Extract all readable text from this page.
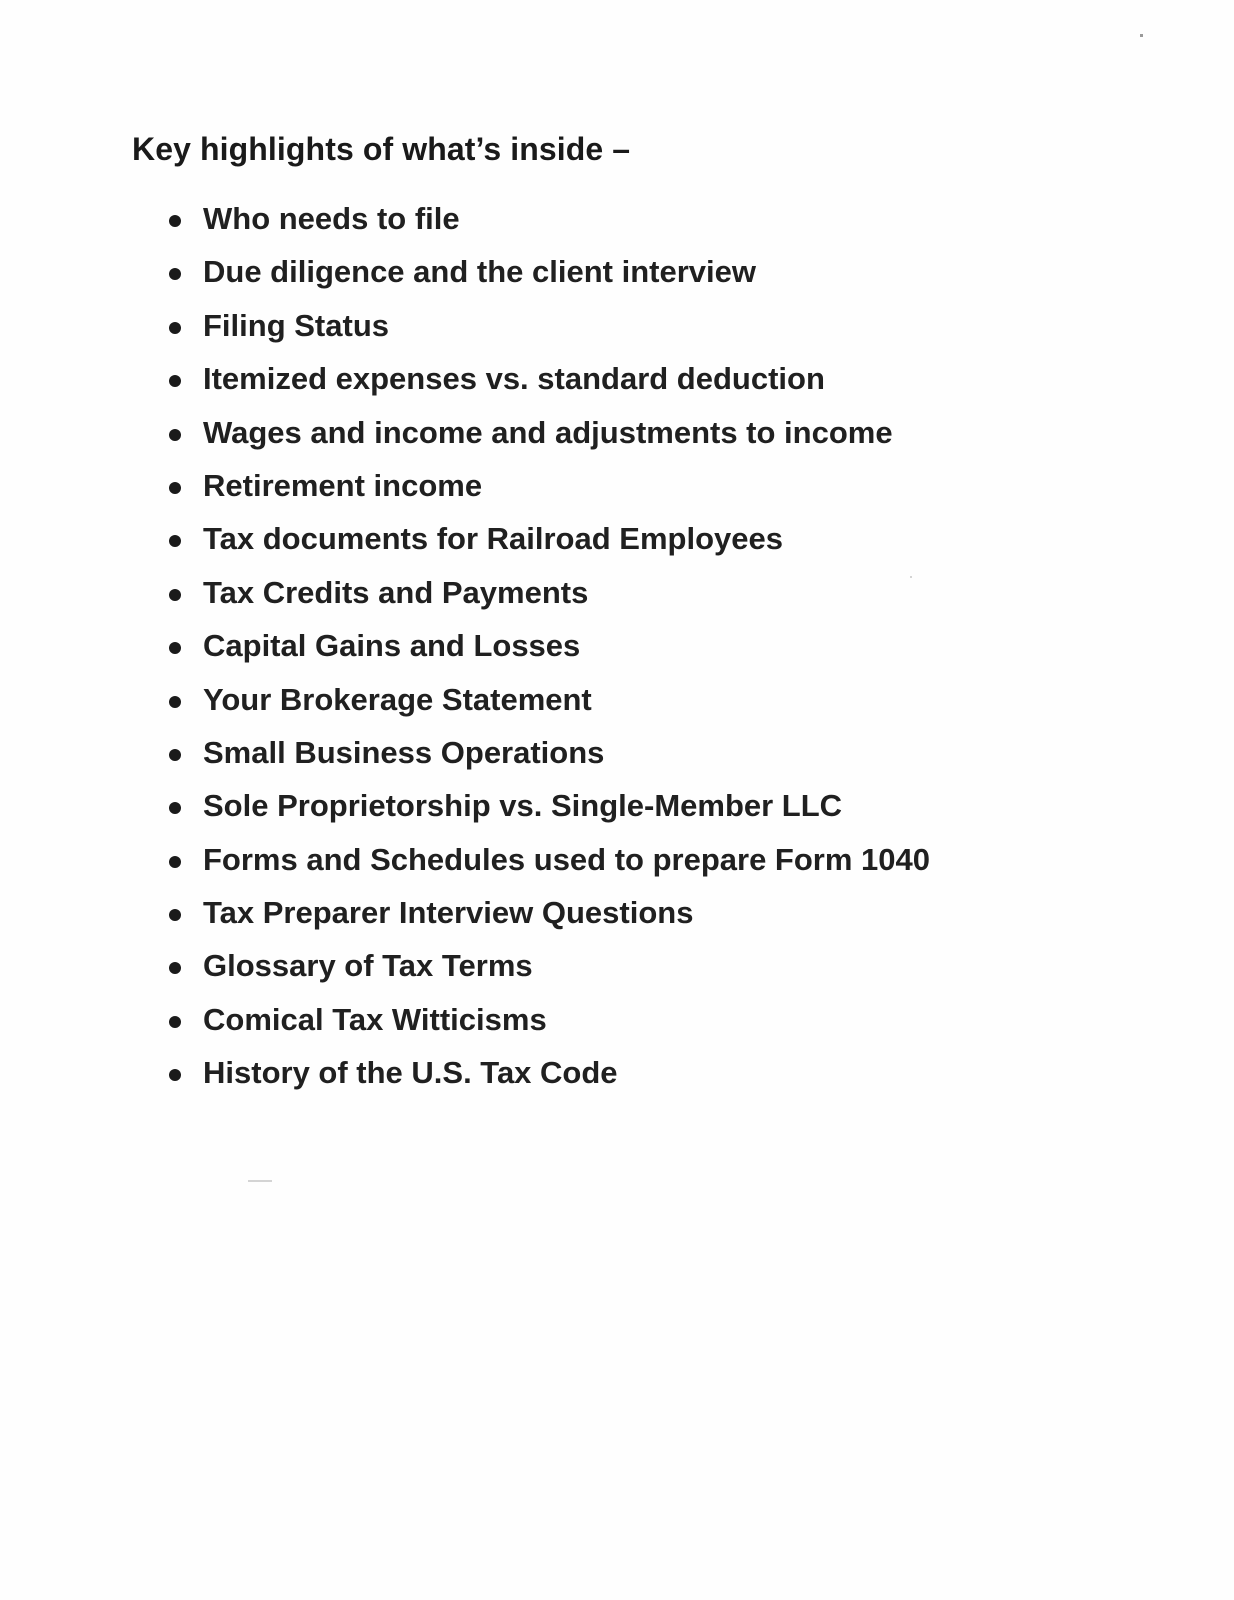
Key highlights of what’s inside –
Who needs to file
Due diligence and the client interview
Filing Status
Itemized expenses vs. standard deduction
Wages and income and adjustments to income
Retirement income
Tax documents for Railroad Employees
Tax Credits and Payments
Capital Gains and Losses
Your Brokerage Statement
Small Business Operations
Sole Proprietorship vs. Single-Member LLC
Forms and Schedules used to prepare Form 1040
Tax Preparer Interview Questions
Glossary of Tax Terms
Comical Tax Witticisms
History of the U.S. Tax Code
